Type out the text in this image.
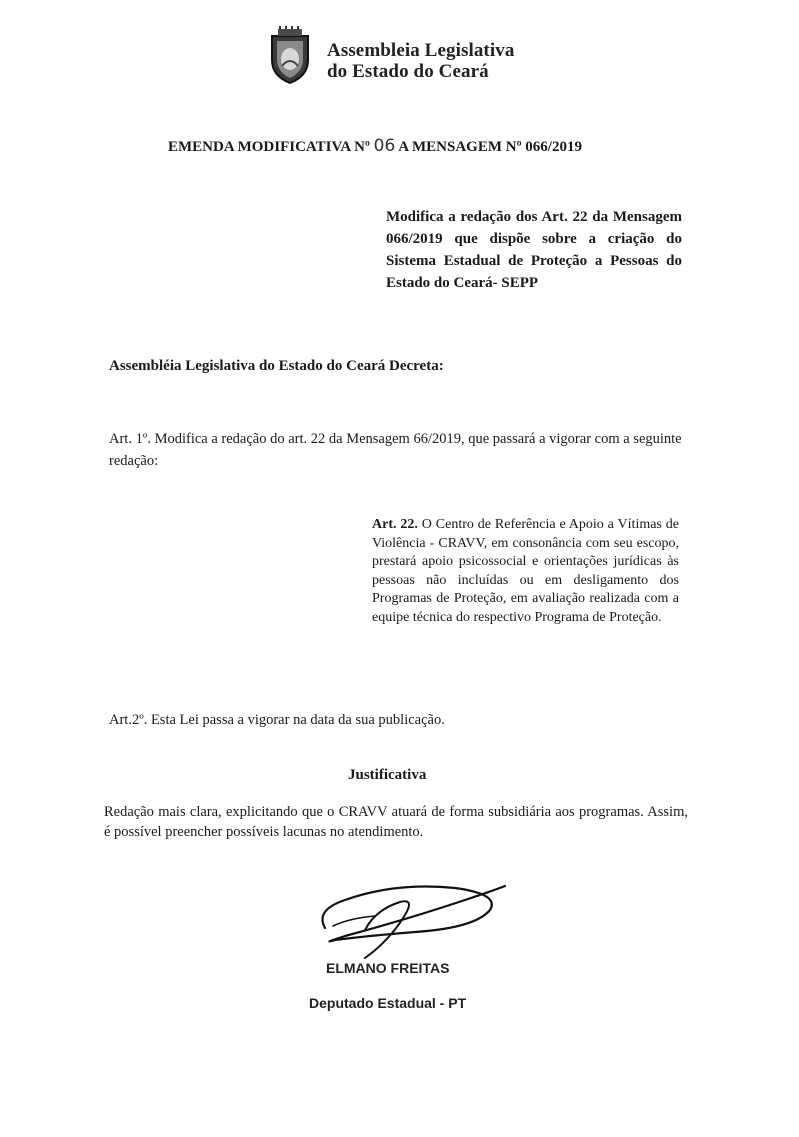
Assembleia Legislativa
do Estado do Ceará
EMENDA MODIFICATIVA Nº 06 A MENSAGEM Nº 066/2019
Modifica a redação dos Art. 22 da Mensagem 066/2019 que dispõe sobre a criação do Sistema Estadual de Proteção a Pessoas do Estado do Ceará- SEPP
Assembléia Legislativa do Estado do Ceará Decreta:
Art. 1º. Modifica a redação do art. 22 da Mensagem 66/2019, que passará a vigorar com a seguinte redação:
Art. 22. O Centro de Referência e Apoio a Vítimas de Violência - CRAVV, em consonância com seu escopo, prestará apoio psicossocial e orientações jurídicas às pessoas não incluídas ou em desligamento dos Programas de Proteção, em avaliação realizada com a equipe técnica do respectivo Programa de Proteção.
Art.2º. Esta Lei passa a vigorar na data da sua publicação.
Justificativa
Redação mais clara, explicitando que o CRAVV atuará de forma subsidiária aos programas. Assim, é possível preencher possíveis lacunas no atendimento.
ELMANO FREITAS
Deputado Estadual - PT
